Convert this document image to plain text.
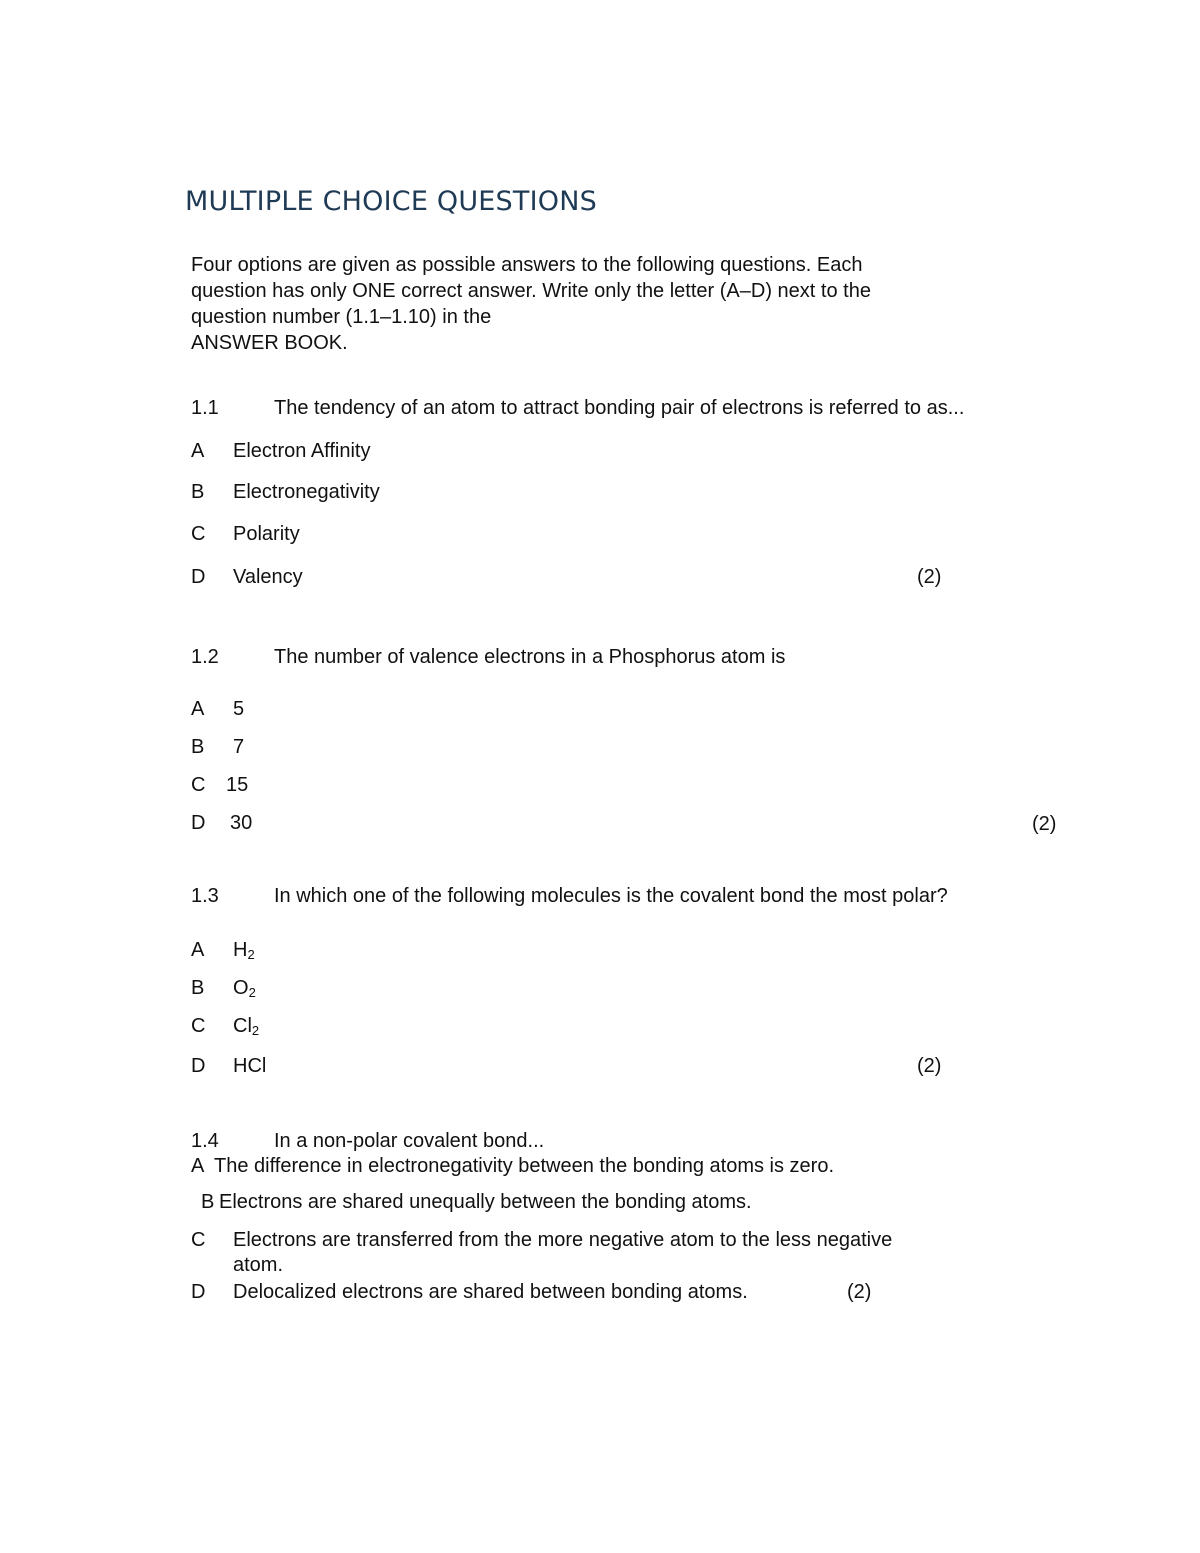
MULTIPLE CHOICE QUESTIONS
Four options are given as possible answers to the following questions. Each
question has only ONE correct answer. Write only the letter (A–D) next to the
question number (1.1–1.10) in the
ANSWER BOOK.
1.1	The tendency of an atom to attract bonding pair of electrons is referred to as...
A Electron Affinity
B Electronegativity
C Polarity
D Valency	(2)
1.2	The number of valence electrons in a Phosphorus atom is
A 5
B 7
C 15
D 30	(2)
1.3	In which one of the following molecules is the covalent bond the most polar?
A $H_2$
B $O_2$
C $Cl_2$
D HCl	(2)
1.4	In a non-polar covalent bond...
A The difference in electronegativity between the bonding atoms is zero.
B Electrons are shared unequally between the bonding atoms.
C Electrons are transferred from the more negative atom to the less negative
atom.
D Delocalized electrons are shared between bonding atoms.	(2)
